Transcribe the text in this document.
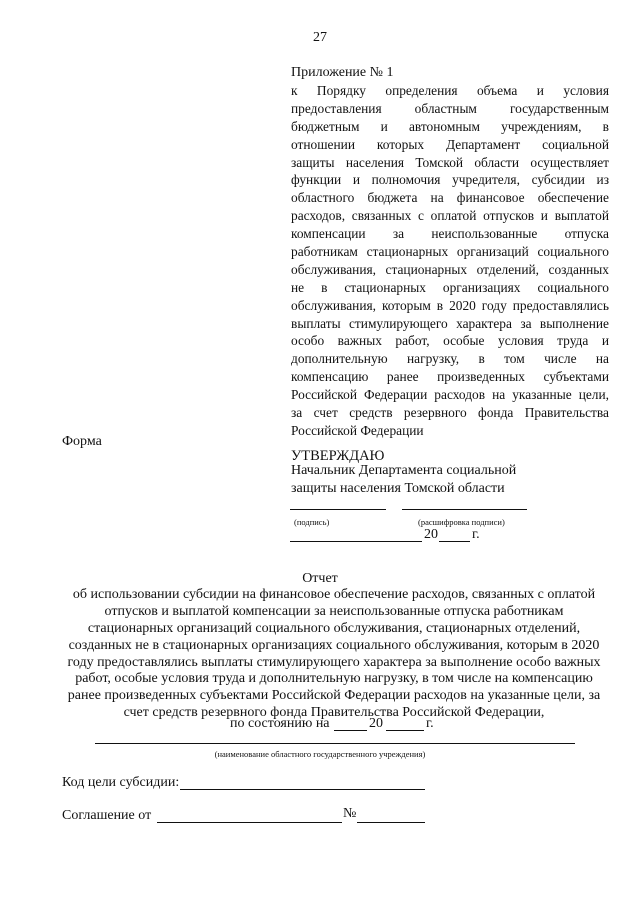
27
Приложение № 1
к Порядку определения объема и условия
предоставления областным государственным
бюджетным и автономным учреждениям, в
отношении которых Департамент социальной
защиты населения Томской области осуществляет
функции и полномочия учредителя, субсидии из
областного бюджета на финансовое обеспечение
расходов, связанных с оплатой отпусков и выплатой
компенсации за неиспользованные отпуска
работникам стационарных организаций социального
обслуживания, стационарных отделений, созданных
не в стационарных организациях социального
обслуживания, которым в 2020 году предоставлялись
выплаты стимулирующего характера за выполнение
особо важных работ, особые условия труда и
дополнительную нагрузку, в том числе на
компенсацию ранее произведенных субъектами
Российской Федерации расходов на указанные цели,
за счет средств резервного фонда Правительства
Российской Федерации
Форма
УТВЕРЖДАЮ
Начальник Департамента социальной
защиты населения Томской области
(подпись)	(расшифровка подписи)
20 г.
Отчет
об использовании субсидии на финансовое обеспечение расходов, связанных с оплатой
отпусков и выплатой компенсации за неиспользованные отпуска работникам
стационарных организаций социального обслуживания, стационарных отделений,
созданных не в стационарных организациях социального обслуживания, которым в 2020
году предоставлялись выплаты стимулирующего характера за выполнение особо важных
работ, особые условия труда и дополнительную нагрузку, в том числе на компенсацию
ранее произведенных субъектами Российской Федерации расходов на указанные цели, за
счет средств резервного фонда Правительства Российской Федерации,
по состоянию на	20	г.
(наименование областного государственного учреждения)
Код цели субсидии:
Соглашение от	№
